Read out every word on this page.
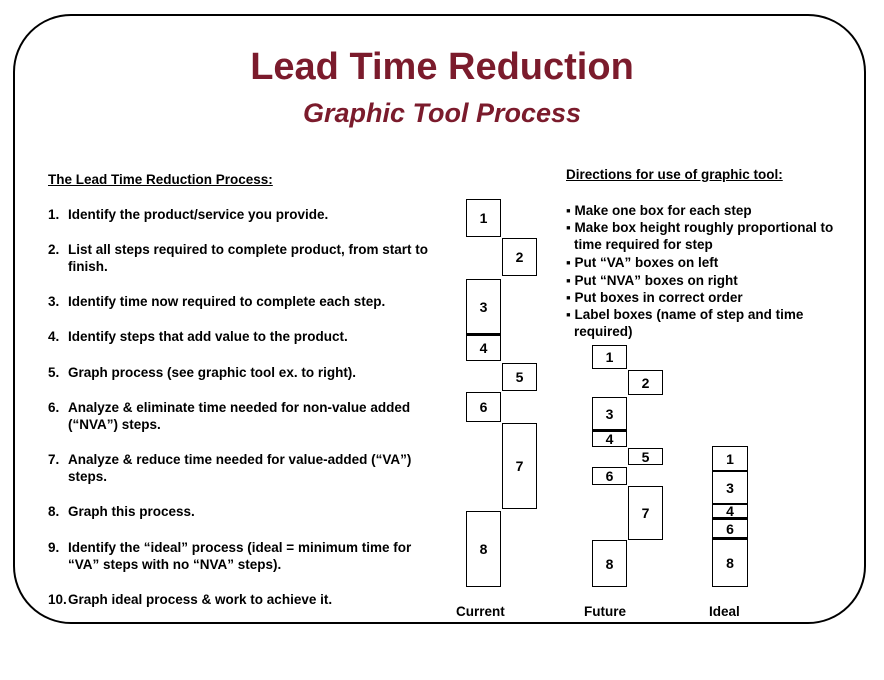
Lead Time Reduction
Graphic Tool Process
The Lead Time Reduction Process:
1. Identify the product/service you provide.
2. List all steps required to complete product, from start to
finish.
3. Identify time now required to complete each step.
4. Identify steps that add value to the product.
5. Graph process (see graphic tool ex. to right).
6. Analyze & eliminate time needed for non-value added
(“NVA”) steps.
7. Analyze & reduce time needed for value-added (“VA”)
steps.
8. Graph this process.
9. Identify the “ideal” process (ideal = minimum time for
“VA” steps with no “NVA” steps).
10.Graph ideal process & work to achieve it.
Directions for use of graphic tool:
▪ Make one box for each step
▪ Make box height roughly proportional to
time required for step
▪ Put “VA” boxes on left
▪ Put “NVA” boxes on right
▪ Put boxes in correct order
▪ Label boxes (name of step and time
required)
1
2
3
4
5
6
7
8
1
2
3
4
5
6
7
8
1
3
4
6
8
Current	Future	Ideal
